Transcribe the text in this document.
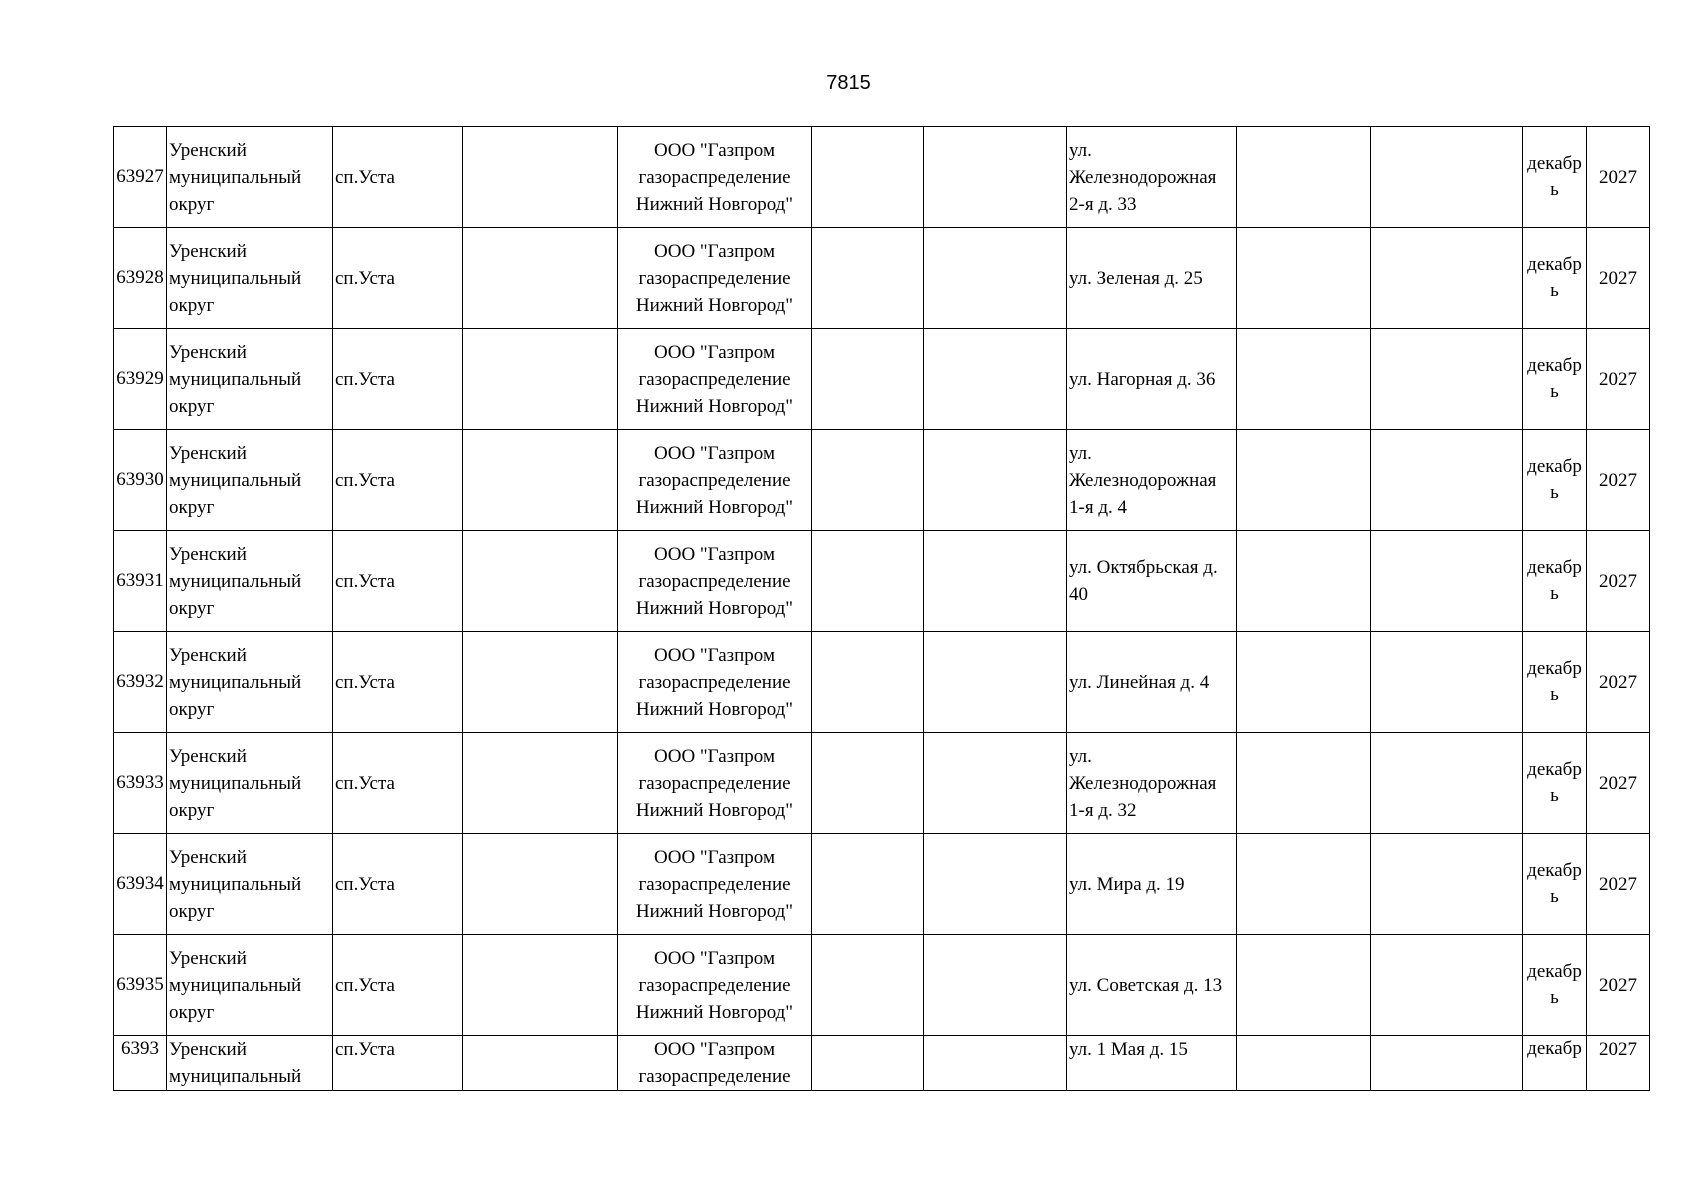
7815
63927	Уренский муниципальный округ	сп.Уста		ООО "Газпром газораспределение Нижний Новгород"			ул. Железнодорожная 2-я д. 33			декабрь	2027
63928	Уренский муниципальный округ	сп.Уста		ООО "Газпром газораспределение Нижний Новгород"			ул. Зеленая д. 25			декабрь	2027
63929	Уренский муниципальный округ	сп.Уста		ООО "Газпром газораспределение Нижний Новгород"			ул. Нагорная д. 36			декабрь	2027
63930	Уренский муниципальный округ	сп.Уста		ООО "Газпром газораспределение Нижний Новгород"			ул. Железнодорожная 1-я д. 4			декабрь	2027
63931	Уренский муниципальный округ	сп.Уста		ООО "Газпром газораспределение Нижний Новгород"			ул. Октябрьская д. 40			декабрь	2027
63932	Уренский муниципальный округ	сп.Уста		ООО "Газпром газораспределение Нижний Новгород"			ул. Линейная д. 4			декабрь	2027
63933	Уренский муниципальный округ	сп.Уста		ООО "Газпром газораспределение Нижний Новгород"			ул. Железнодорожная 1-я д. 32			декабрь	2027
63934	Уренский муниципальный округ	сп.Уста		ООО "Газпром газораспределение Нижний Новгород"			ул. Мира д. 19			декабрь	2027
63935	Уренский муниципальный округ	сп.Уста		ООО "Газпром газораспределение Нижний Новгород"			ул. Советская д. 13			декабрь	2027
6393	Уренский муниципальный	сп.Уста		ООО "Газпром газораспределение			ул. 1 Мая д. 15			декабр	2027
